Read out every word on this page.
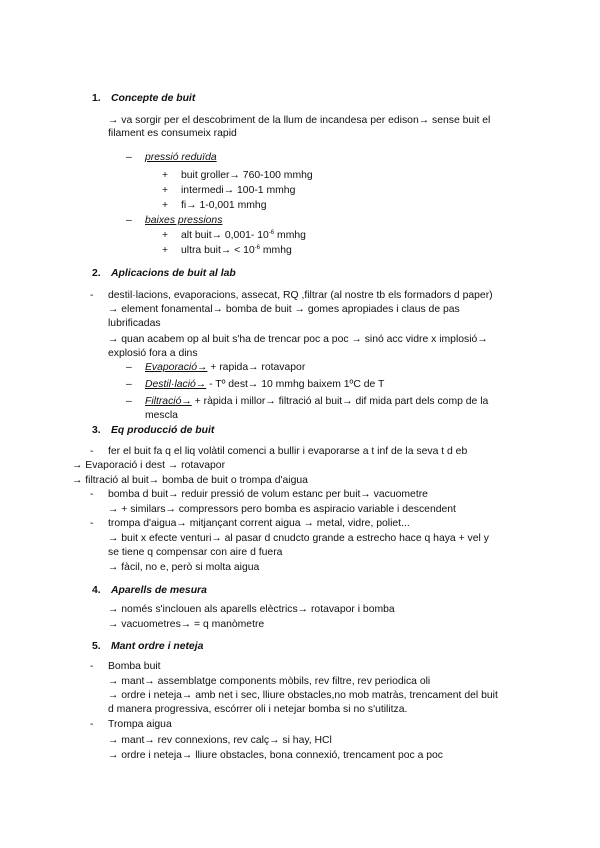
1. Concepte de buit
→ va sorgir per el descobriment de la llum de incandesa per edison→ sense buit el
filament es consumeix rapid
– pressió reduïda
+ buit groller→ 760-100 mmhg
+ intermedi→ 100-1 mmhg
+ fi→ 1-0,001 mmhg
– baixes pressions
+ alt buit→ 0,001- $10^{-6}$ mmhg
+ ultra buit→ < $10^{-6}$ mmhg
2. Aplicacions de buit al lab
- destil·lacions, evaporacions, assecat, RQ ,filtrar (al nostre tb els formadors d paper)
→ element fonamental→ bomba de buit → gomes apropiades i claus de pas
lubrificadas
→ quan acabem op al buit s'ha de trencar poc a poc → sinó acc vidre x implosió→
explosió fora a dins
– Evaporació→ + rapida→ rotavapor
– Destil·lació→ - Tº dest→ 10 mmhg baixem 1ºC de T
– Filtració→ + ràpida i millor→ filtració al buit→ dif mida part dels comp de la
mescla
3. Eq producció de buit
- fer el buit fa q el liq volàtil comenci a bullir i evaporarse a t inf de la seva t d eb
→ Evaporació i dest → rotavapor
→ filtració al buit→ bomba de buit o trompa d'aigua
- bomba d buit→ reduir pressió de volum estanc per buit→ vacuometre
→ + similars→ compressors pero bomba es aspiracio variable i descendent
- trompa d'aigua→ mitjançant corrent aigua → metal, vidre, poliet...
→ buit x efecte venturi→ al pasar d cnudcto grande a estrecho hace q haya + vel y
se tiene q compensar con aire d fuera
→ fàcil, no e, però si molta aigua
4. Aparells de mesura
→ només s'inclouen als aparells elèctrics→ rotavapor i bomba
→ vacuometres→ = q manòmetre
5. Mant ordre i neteja
- Bomba buit
→ mant→ assemblatge components mòbils, rev filtre, rev periodica oli
→ ordre i neteja→ amb net i sec, lliure obstacles,no mob matràs, trencament del buit
d manera progressiva, escórrer oli i netejar bomba si no s'utilitza.
- Trompa aigua
→ mant→ rev connexions, rev calç→ si hay, HCl
→ ordre i neteja→ lliure obstacles, bona connexió, trencament poc a poc
